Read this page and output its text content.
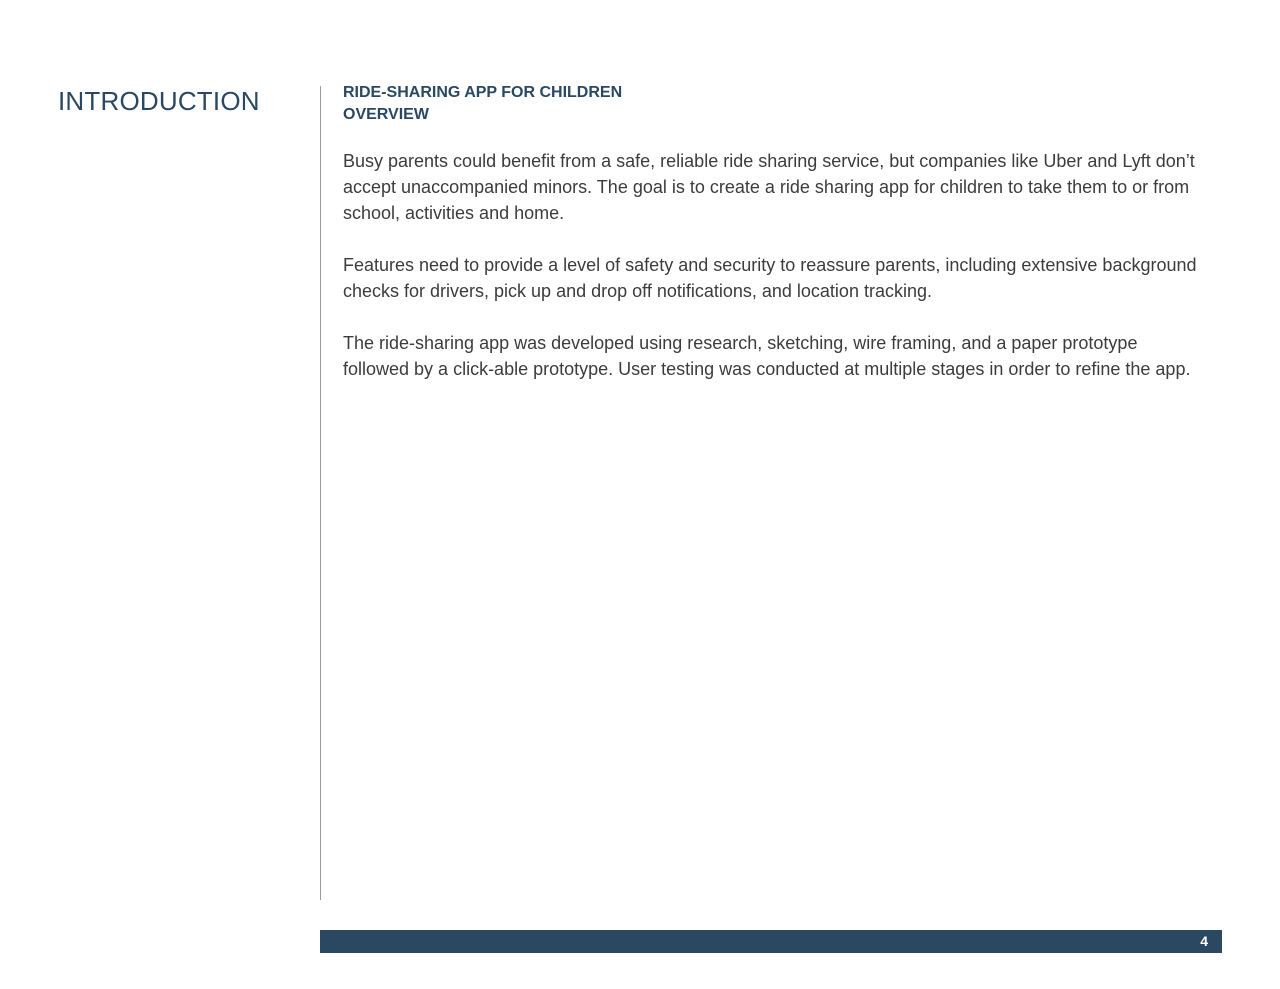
INTRODUCTION	RIDE-SHARING APP FOR CHILDREN
OVERVIEW

Busy parents could benefit from a safe, reliable ride sharing service, but companies like Uber and Lyft don’t accept unaccompanied minors. The goal is to create a ride sharing app for children to take them to or from school, activities and home.

Features need to provide a level of safety and security to reassure parents, including extensive background checks for drivers, pick up and drop off notifications, and location tracking.

The ride-sharing app was developed using research, sketching, wire framing, and a paper prototype followed by a click-able prototype. User testing was conducted at multiple stages in order to refine the app.

4
